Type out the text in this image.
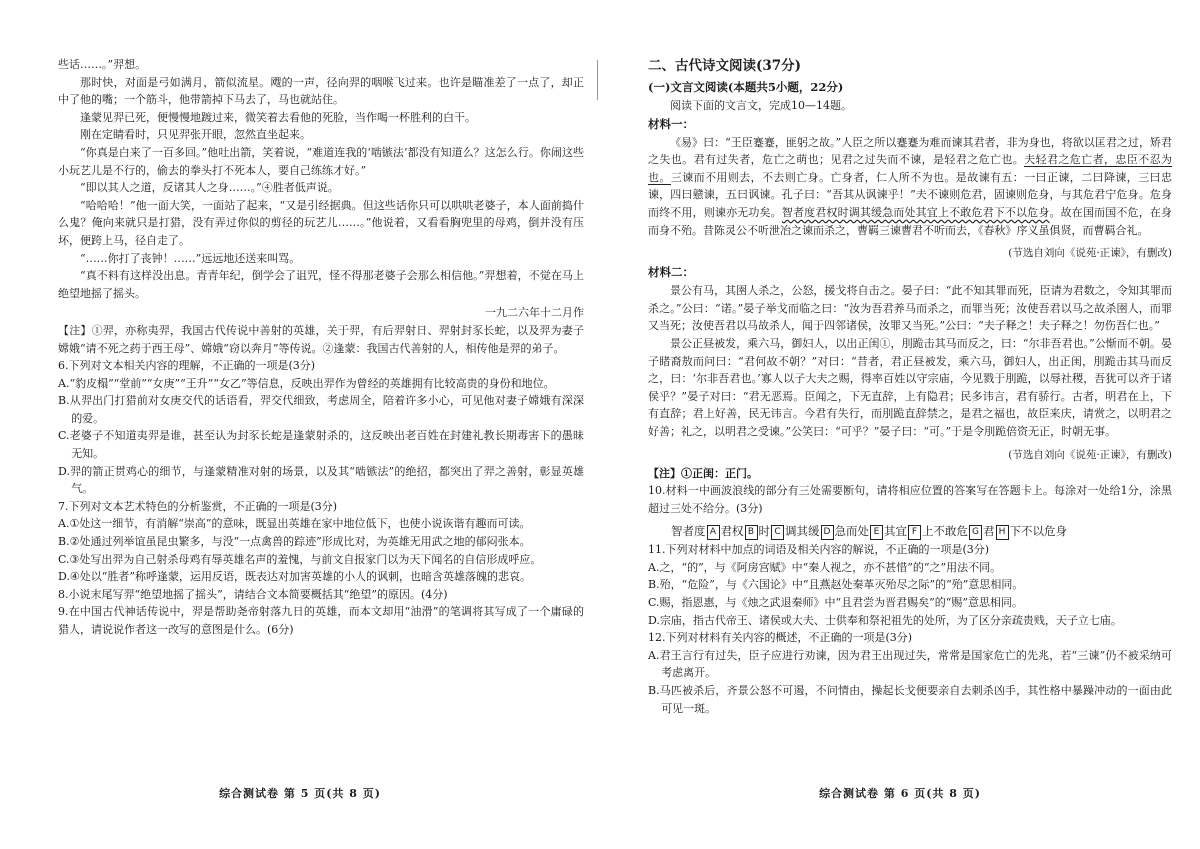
些话……。”羿想。

那时快，对面是弓如满月，箭似流星。飕的一声，径向羿的咽喉飞过来。也许是瞄准差了一点了，却正中了他的嘴；一个筋斗，他带箭掉下马去了，马也就站住。

逢蒙见羿已死，便慢慢地踱过来，微笑着去看他的死脸，当作喝一杯胜利的白干。

刚在定睛看时，只见羿张开眼，忽然直坐起来。

“你真是白来了一百多回。”他吐出箭，笑着说，“难道连我的‘啮镞法’都没有知道么？这怎么行。你闹这些小玩艺儿是不行的，偷去的拳头打不死本人，要自己练练才好。”

“即以其人之道，反诸其人之身……。”④胜者低声说。

“哈哈哈！”他一面大笑，一面站了起来，“又是引经据典。但这些话你只可以哄哄老婆子，本人面前捣什么鬼？俺向来就只是打猎，没有弄过你似的剪径的玩艺儿……。”他说着，又看看胸兜里的母鸡，倒并没有压坏，便跨上马，径自走了。

“……你打了丧钟！……”远远地还送来叫骂。

“真不料有这样没出息。青青年纪，倒学会了诅咒，怪不得那老婆子会那么相信他。”羿想着，不觉在马上绝望地摇了摇头。

一九二六年十二月作

【注】①羿，亦称夷羿，我国古代传说中善射的英雄，关于羿，有后羿射日、羿射封豕长蛇，以及羿为妻子嫦娥“请不死之药于西王母”、嫦娥“窃以奔月”等传说。②逢蒙：我国古代善射的人，相传他是羿的弟子。

6.下列对文本相关内容的理解，不正确的一项是(3分)

A.“豹皮榻”“堂前”“女庚”“王升”“女乙”等信息，反映出羿作为曾经的英雄拥有比较高贵的身份和地位。

B.从羿出门打猎前对女庚交代的话语看，羿交代细致，考虑周全，陪着许多小心，可见他对妻子嫦娥有深深的爱。

C.老婆子不知道夷羿是谁，甚至认为封豕长蛇是逢蒙射杀的，这反映出老百姓在封建礼教长期毒害下的愚昧无知。

D.羿的箭正贯鸡心的细节，与逢蒙精准对射的场景，以及其“啮镞法”的绝招，都突出了羿之善射，彰显英雄气。

7.下列对文本艺术特色的分析鉴赏，不正确的一项是(3分)

A.①处这一细节，有消解“崇高”的意味，既显出英雄在家中地位低下，也使小说诙谐有趣而可读。

B.②处通过列举谊虽昆虫繁多，与没“一点禽兽的踪迹”形成比对，为英雄无用武之地的郁闷张本。

C.③处写出羿为自己射杀母鸡有辱英雄名声的羞愧，与前文自报家门以为天下闻名的自信形成呼应。

D.④处以“胜者”称呼逢蒙，运用反语，既表达对加害英雄的小人的讽刺，也暗含英雄落魄的悲哀。

8.小说末尾写羿“绝望地摇了摇头”，请结合文本简要概括其“绝望”的原因。(4分)

9.在中国古代神话传说中，羿是帮助尧帝射落九日的英雄，而本文却用“油滑”的笔调将其写成了一个庸碌的猎人，请说说作者这一改写的意图是什么。(6分)

综合测试卷 第 5 页(共 8 页)
二、古代诗文阅读(37分)
(一)文言文阅读(本题共5小题，22分)

阅读下面的文言文，完成10—14题。

材料一：

《易》曰：“王臣蹇蹇，匪躬之故。”人臣之所以蹇蹇为难而谏其君者，非为身也，将欲以匡君之过，矫君之失也。君有过失者，危亡之萌也；见君之过失而不谏，是轻君之危亡也。夫轻君之危亡者，忠臣不忍为也。三谏而不用则去，不去则亡身。亡身者，仁人所不为也。是故谏有五：一曰正谏，二曰降谏，三曰忠谏，四曰戆谏，五曰讽谏。孔子曰：“吾其从讽谏乎！”夫不谏则危君，固谏则危身，与其危君宁危身。危身而终不用，则谏亦无功矣。智者度君权时调其缓急而处其宜上不敢危君下不以危身。故在国而国不危，在身而身不殆。昔陈灵公不听泄冶之谏而杀之，曹羁三谏曹君不听而去，《春秋》序义虽俱贤，而曹羁合礼。

(节选自刘向《说苑·正谏》，有删改)
材料二：

景公有马，其圉人杀之，公怒，援戈将自击之。晏子曰：“此不知其罪而死，臣请为君数之，令知其罪而杀之。”公曰：“诺。”晏子举戈而临之曰：“汝为吾君养马而杀之，而罪当死；汝使吾君以马之故杀圉人，而罪又当死；汝使吾君以马故杀人，闻于四邻诸侯，汝罪又当死。”公曰：“夫子释之！夫子释之！勿伤吾仁也。”

景公正昼被发，乘六马，御妇人，以出正闺①，刖跪击其马而反之，曰：“尔非吾君也。”公惭而不朝。晏子睹裔敖而问曰：“君何故不朝？”对曰：“昔者，君正昼被发，乘六马，御妇人，出正闺，刖跪击其马而反之，曰：‘尔非吾君也。’寡人以子大夫之赐，得率百姓以守宗庙，今见戮于刖跪，以辱社稷，吾犹可以齐于诸侯乎？”晏子对曰：“君无恶焉。臣闻之，下无直辞，上有隐君；民多讳言，君有骄行。古者，明君在上，下有直辞；君上好善，民无讳言。今君有失行，而刖跪直辞禁之，是君之福也，故臣来庆，请赏之，以明君之好善；礼之，以明君之受谏。”公笑曰：“可乎？”晏子曰：“可。”于是令刖跪倍资无正，时朝无事。

(节选自刘向《说苑·正谏》，有删改)

【注】①正闺：正门。

10.材料一中画波浪线的部分有三处需要断句，请将相应位置的答案写在答题卡上。每涂对一处给1分，涂黑超过三处不给分。(3分)

智者度 A 君权 B 时 C 调其缓 D 急而处 E 其宜 F 上不敢危 G 君 H 下不以危身

11.下列对材料中加点的词语及相关内容的解说，不正确的一项是(3分)

A.之，“的”，与《阿房宫赋》中“秦人视之，亦不甚惜”的“之”用法不同。

B.殆，“危险”，与《六国论》中“且燕赵处秦革灭殆尽之际”的“殆”意思相同。

C.赐，指恩惠，与《烛之武退秦师》中“且君尝为晋君赐矣”的“赐”意思相同。

D.宗庙，指古代帝王、诸侯或大夫、士供奉和祭祀祖先的处所，为了区分亲疏贵贱，天子立七庙。

12.下列对材料有关内容的概述，不正确的一项是(3分)

A.君王言行有过失，臣子应进行劝谏，因为君王出现过失，常常是国家危亡的先兆，若“三谏”仍不被采纳可考虑离开。

B.马匹被杀后，齐景公怒不可遏，不问情由，操起长戈便要亲自去刺杀凶手，其性格中暴躁冲动的一面由此可见一斑。

综合测试卷 第 6 页(共 8 页)
